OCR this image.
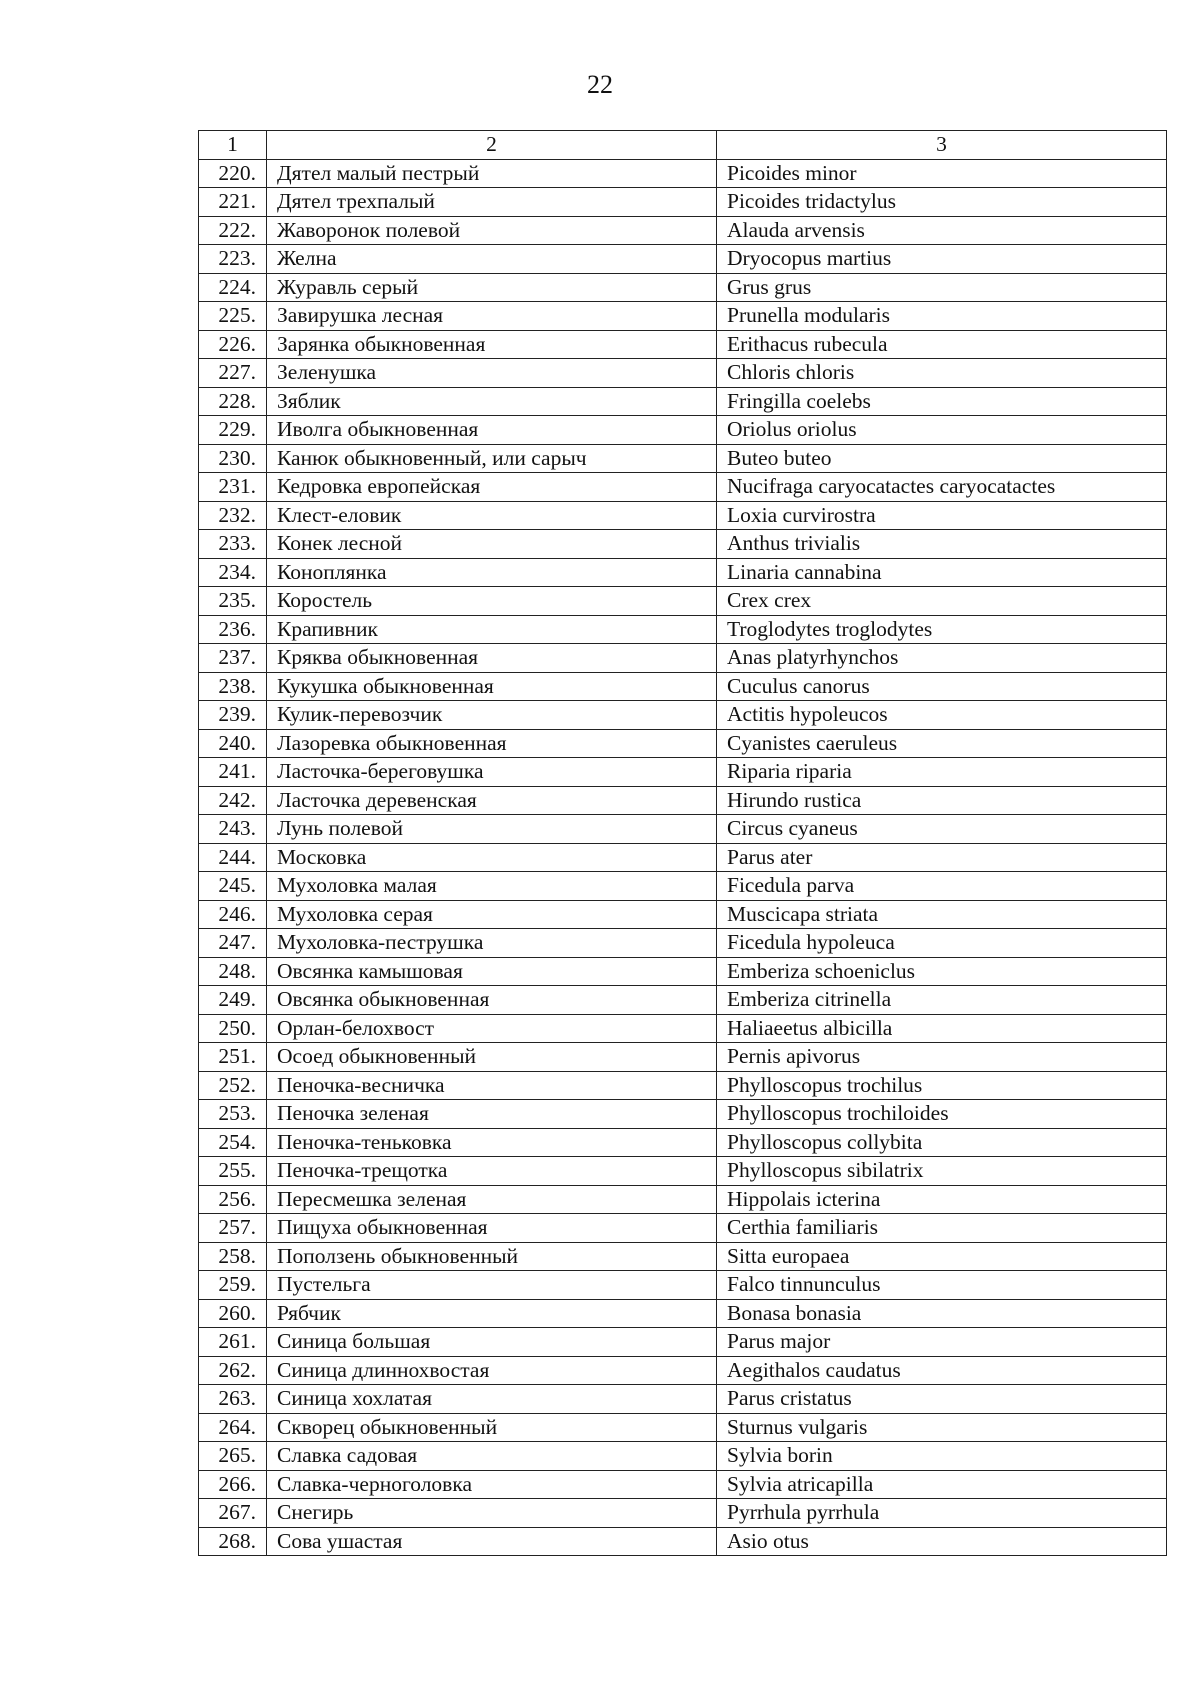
22
1	2	3
220.	Дятел малый пестрый	Picoides minor
221.	Дятел трехпалый	Picoides tridactylus
222.	Жаворонок полевой	Alauda arvensis
223.	Желна	Dryocopus martius
224.	Журавль серый	Grus grus
225.	Завирушка лесная	Prunella modularis
226.	Зарянка обыкновенная	Erithacus rubecula
227.	Зеленушка	Chloris chloris
228.	Зяблик	Fringilla coelebs
229.	Иволга обыкновенная	Oriolus oriolus
230.	Канюк обыкновенный, или сарыч	Buteo buteo
231.	Кедровка европейская	Nucifraga caryocatactes caryocatactes
232.	Клест-еловик	Loxia curvirostra
233.	Конек лесной	Anthus trivialis
234.	Коноплянка	Linaria cannabina
235.	Коростель	Crex crex
236.	Крапивник	Troglodytes troglodytes
237.	Кряква обыкновенная	Anas platyrhynchos
238.	Кукушка обыкновенная	Cuculus canorus
239.	Кулик-перевозчик	Actitis hypoleucos
240.	Лазоревка обыкновенная	Cyanistes caeruleus
241.	Ласточка-береговушка	Riparia riparia
242.	Ласточка деревенская	Hirundo rustica
243.	Лунь полевой	Circus cyaneus
244.	Московка	Parus ater
245.	Мухоловка малая	Ficedula parva
246.	Мухоловка серая	Muscicapa striata
247.	Мухоловка-пеструшка	Ficedula hypoleuca
248.	Овсянка камышовая	Emberiza schoeniclus
249.	Овсянка обыкновенная	Emberiza citrinella
250.	Орлан-белохвост	Haliaeetus albicilla
251.	Осоед обыкновенный	Pernis apivorus
252.	Пеночка-весничка	Phylloscopus trochilus
253.	Пеночка зеленая	Phylloscopus trochiloides
254.	Пеночка-теньковка	Phylloscopus collybita
255.	Пеночка-трещотка	Phylloscopus sibilatrix
256.	Пересмешка зеленая	Hippolais icterina
257.	Пищуха обыкновенная	Certhia familiaris
258.	Поползень обыкновенный	Sitta europaea
259.	Пустельга	Falco tinnunculus
260.	Рябчик	Bonasa bonasia
261.	Синица большая	Parus major
262.	Синица длиннохвостая	Aegithalos caudatus
263.	Синица хохлатая	Parus cristatus
264.	Скворец обыкновенный	Sturnus vulgaris
265.	Славка садовая	Sylvia borin
266.	Славка-черноголовка	Sylvia atricapilla
267.	Снегирь	Pyrrhula pyrrhula
268.	Сова ушастая	Asio otus
